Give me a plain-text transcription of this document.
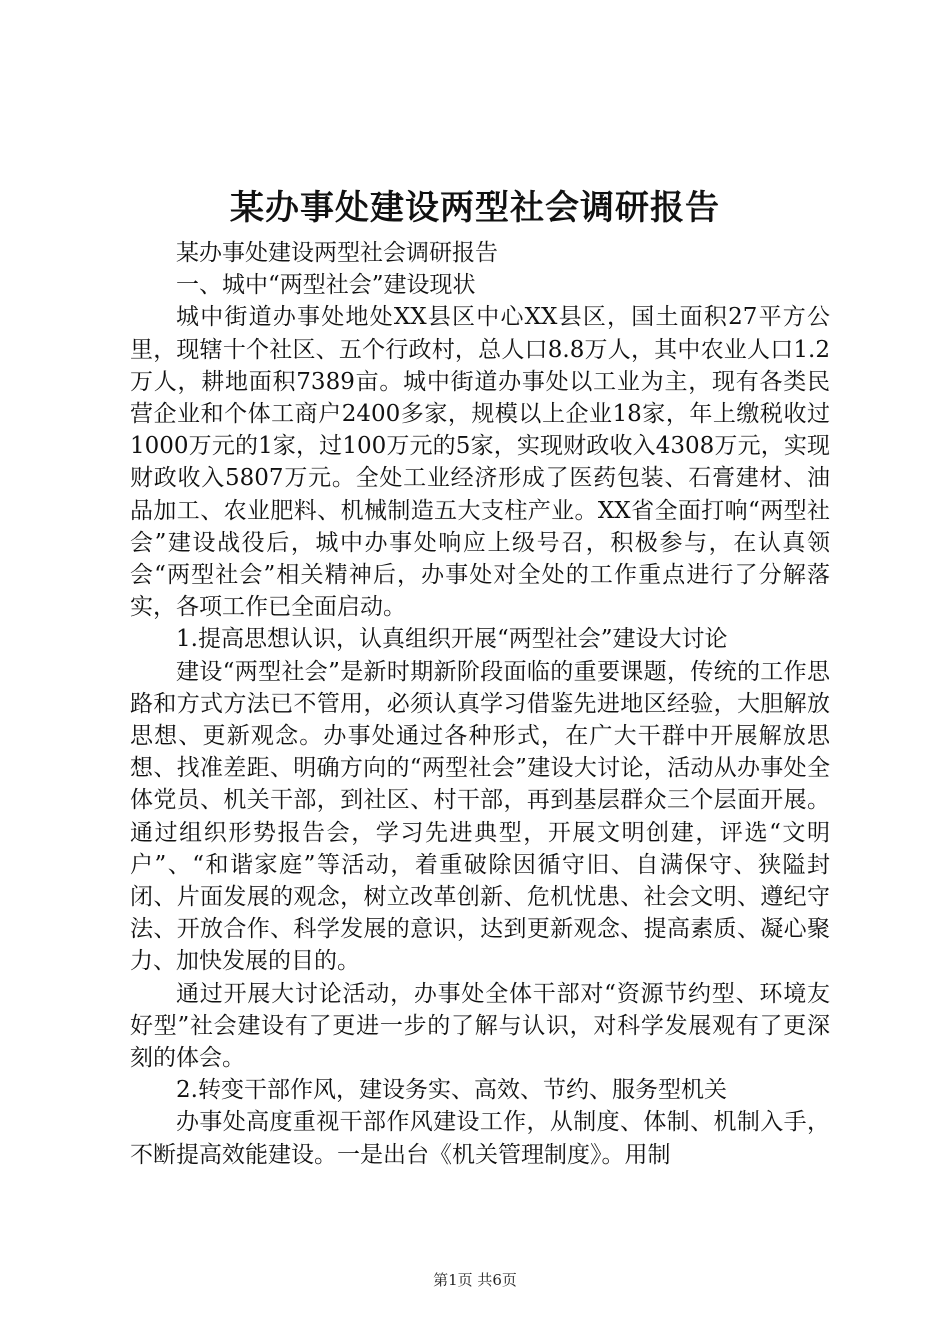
某办事处建设两型社会调研报告

某办事处建设两型社会调研报告

一、城中“两型社会”建设现状

城中街道办事处地处XX县区中心XX县区，国土面积27平方公里，现辖十个社区、五个行政村，总人口8.8万人，其中农业人口1.2万人，耕地面积7389亩。城中街道办事处以工业为主，现有各类民营企业和个体工商户2400多家，规模以上企业18家，年上缴税收过1000万元的1家，过100万元的5家，实现财政收入4308万元，实现财政收入5807万元。全处工业经济形成了医药包装、石膏建材、油品加工、农业肥料、机械制造五大支柱产业。XX省全面打响“两型社会”建设战役后，城中办事处响应上级号召，积极参与，在认真领会“两型社会”相关精神后，办事处对全处的工作重点进行了分解落实，各项工作已全面启动。

1.提高思想认识，认真组织开展“两型社会”建设大讨论

建设“两型社会”是新时期新阶段面临的重要课题，传统的工作思路和方式方法已不管用，必须认真学习借鉴先进地区经验，大胆解放思想、更新观念。办事处通过各种形式，在广大干群中开展解放思想、找准差距、明确方向的“两型社会”建设大讨论，活动从办事处全体党员、机关干部，到社区、村干部，再到基层群众三个层面开展。通过组织形势报告会，学习先进典型，开展文明创建，评选“文明户”、“和谐家庭”等活动，着重破除因循守旧、自满保守、狭隘封闭、片面发展的观念，树立改革创新、危机忧患、社会文明、遵纪守法、开放合作、科学发展的意识，达到更新观念、提高素质、凝心聚力、加快发展的目的。

通过开展大讨论活动，办事处全体干部对“资源节约型、环境友好型”社会建设有了更进一步的了解与认识，对科学发展观有了更深刻的体会。

2.转变干部作风，建设务实、高效、节约、服务型机关

办事处高度重视干部作风建设工作，从制度、体制、机制入手，不断提高效能建设。一是出台《机关管理制度》。用制

第1页 共6页
